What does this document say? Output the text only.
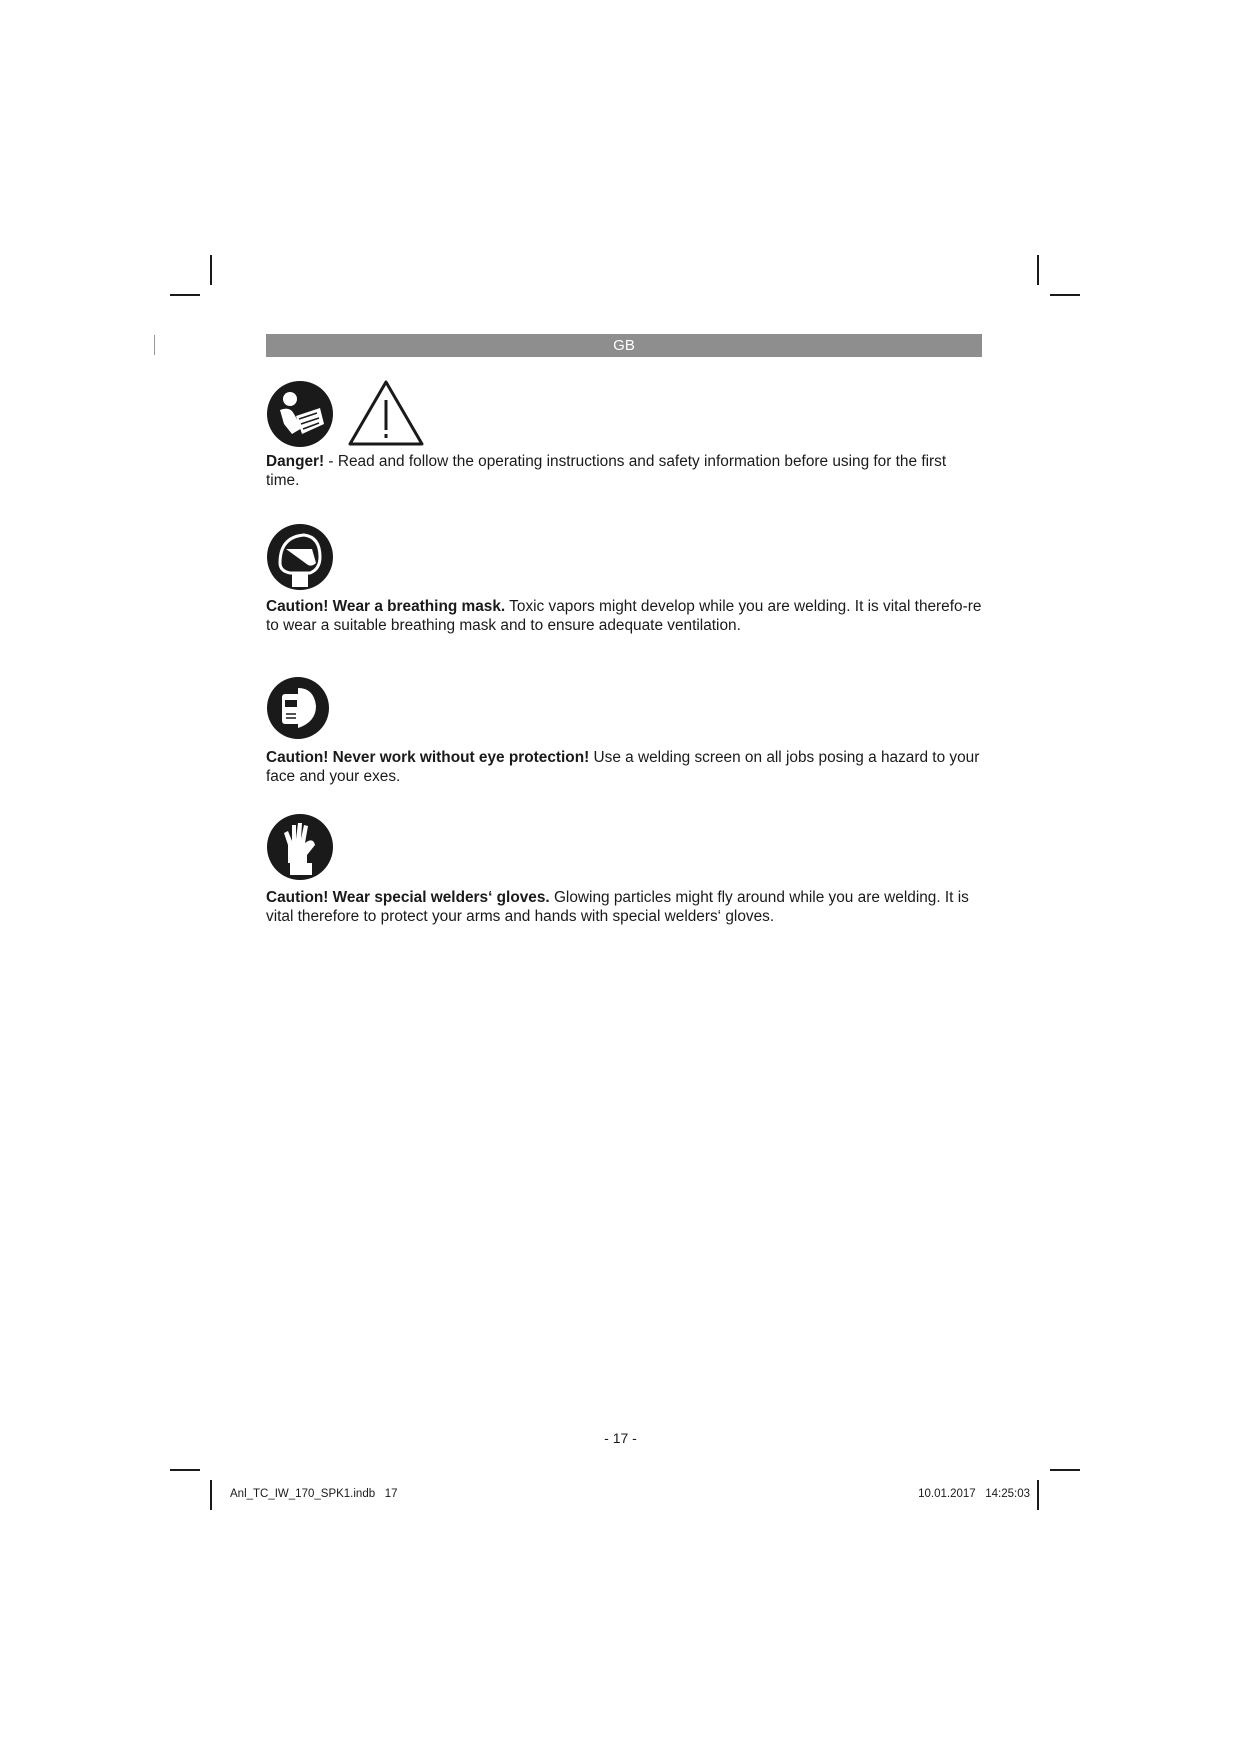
GB

Danger! - Read and follow the operating instructions and safety information before using for the first time.

Caution! Wear a breathing mask. Toxic vapors might develop while you are welding. It is vital therefo-re to wear a suitable breathing mask and to ensure adequate ventilation.

Caution! Never work without eye protection! Use a welding screen on all jobs posing a hazard to your face and your exes.

Caution! Wear special welders‘ gloves. Glowing particles might fly around while you are welding. It is vital therefore to protect your arms and hands with special welders‘ gloves.

- 17 -
Anl_TC_IW_170_SPK1.indb   17	10.01.2017   14:25:03
